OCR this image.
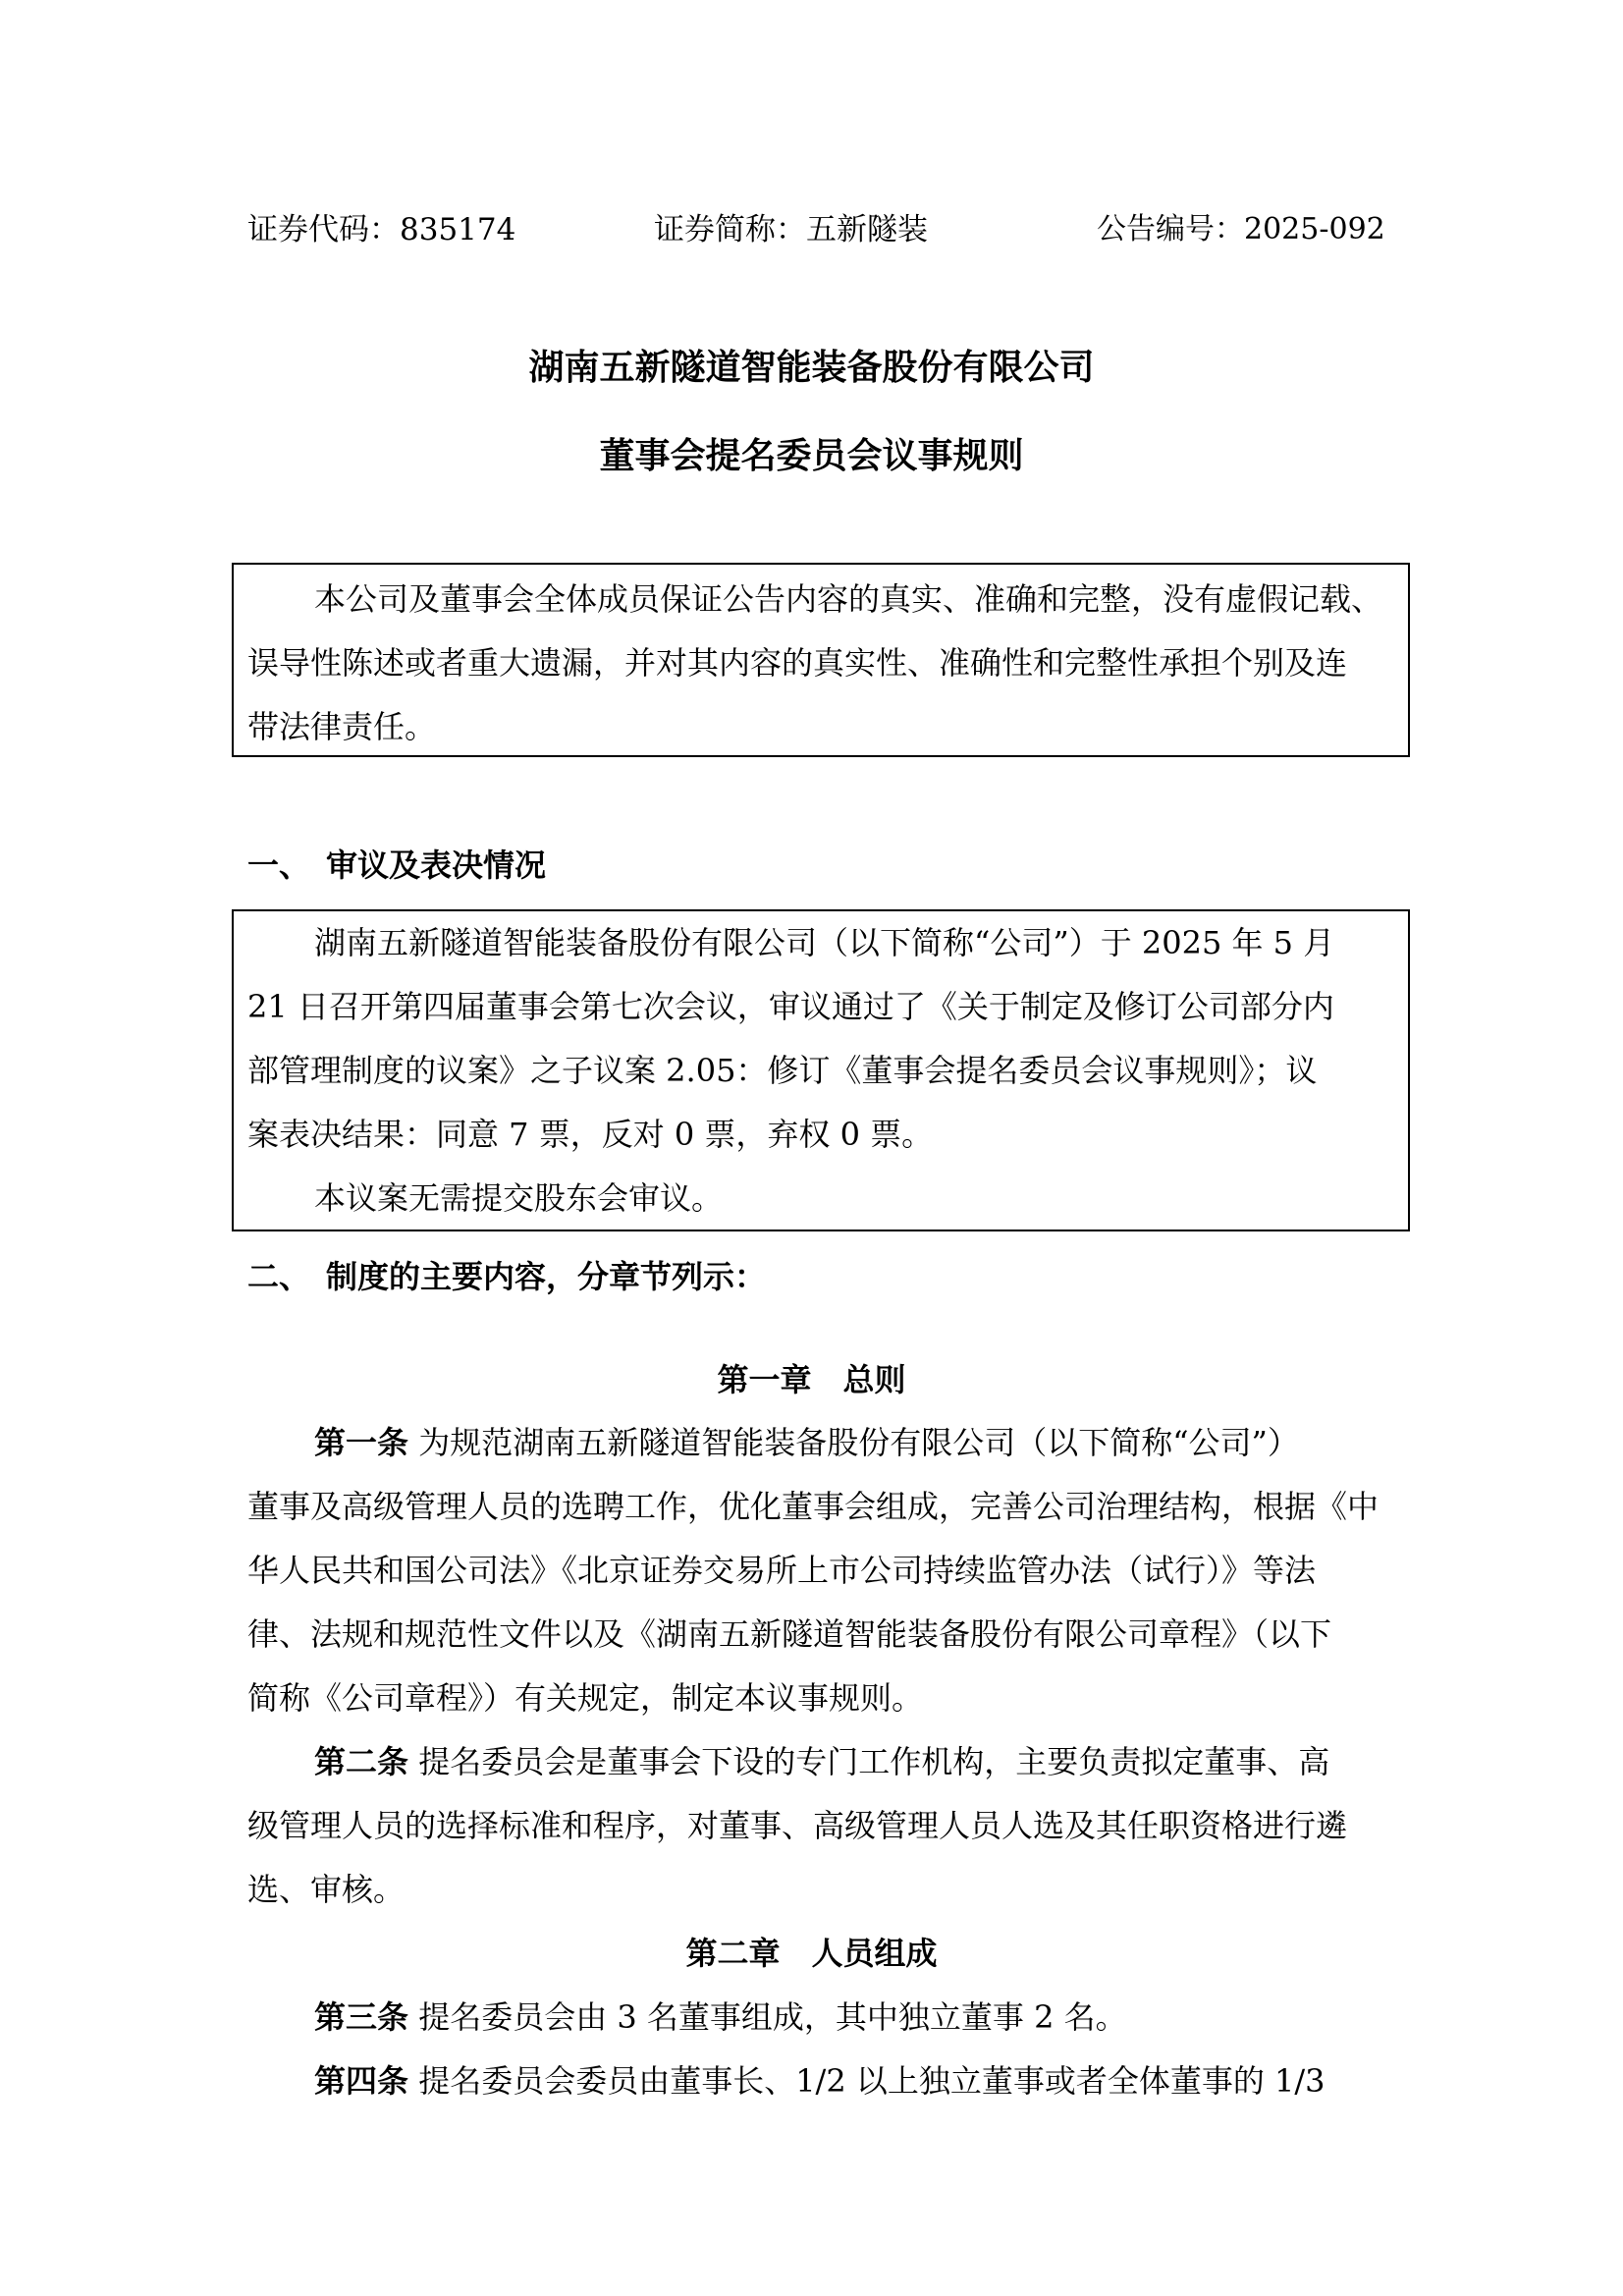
证券代码：835174	证券简称：五新隧装	公告编号：2025-092
湖南五新隧道智能装备股份有限公司
董事会提名委员会议事规则
本公司及董事会全体成员保证公告内容的真实、准确和完整，没有虚假记载、
误导性陈述或者重大遗漏，并对其内容的真实性、准确性和完整性承担个别及连
带法律责任。
一、　审议及表决情况
湖南五新隧道智能装备股份有限公司（以下简称“公司”）于 2025 年 5 月
21 日召开第四届董事会第七次会议，审议通过了《关于制定及修订公司部分内
部管理制度的议案》之子议案 2.05：修订《董事会提名委员会议事规则》；议
案表决结果：同意 7 票，反对 0 票，弃权 0 票。
本议案无需提交股东会审议。
二、　制度的主要内容，分章节列示：
第一章　总则
第一条 为规范湖南五新隧道智能装备股份有限公司（以下简称“公司”）
董事及高级管理人员的选聘工作，优化董事会组成，完善公司治理结构，根据《中
华人民共和国公司法》《北京证券交易所上市公司持续监管办法（试行）》等法
律、法规和规范性文件以及《湖南五新隧道智能装备股份有限公司章程》（以下
简称《公司章程》）有关规定，制定本议事规则。
第二条 提名委员会是董事会下设的专门工作机构，主要负责拟定董事、高
级管理人员的选择标准和程序，对董事、高级管理人员人选及其任职资格进行遴
选、审核。
第二章　人员组成
第三条 提名委员会由 3 名董事组成，其中独立董事 2 名。
第四条 提名委员会委员由董事长、1/2 以上独立董事或者全体董事的 1/3
